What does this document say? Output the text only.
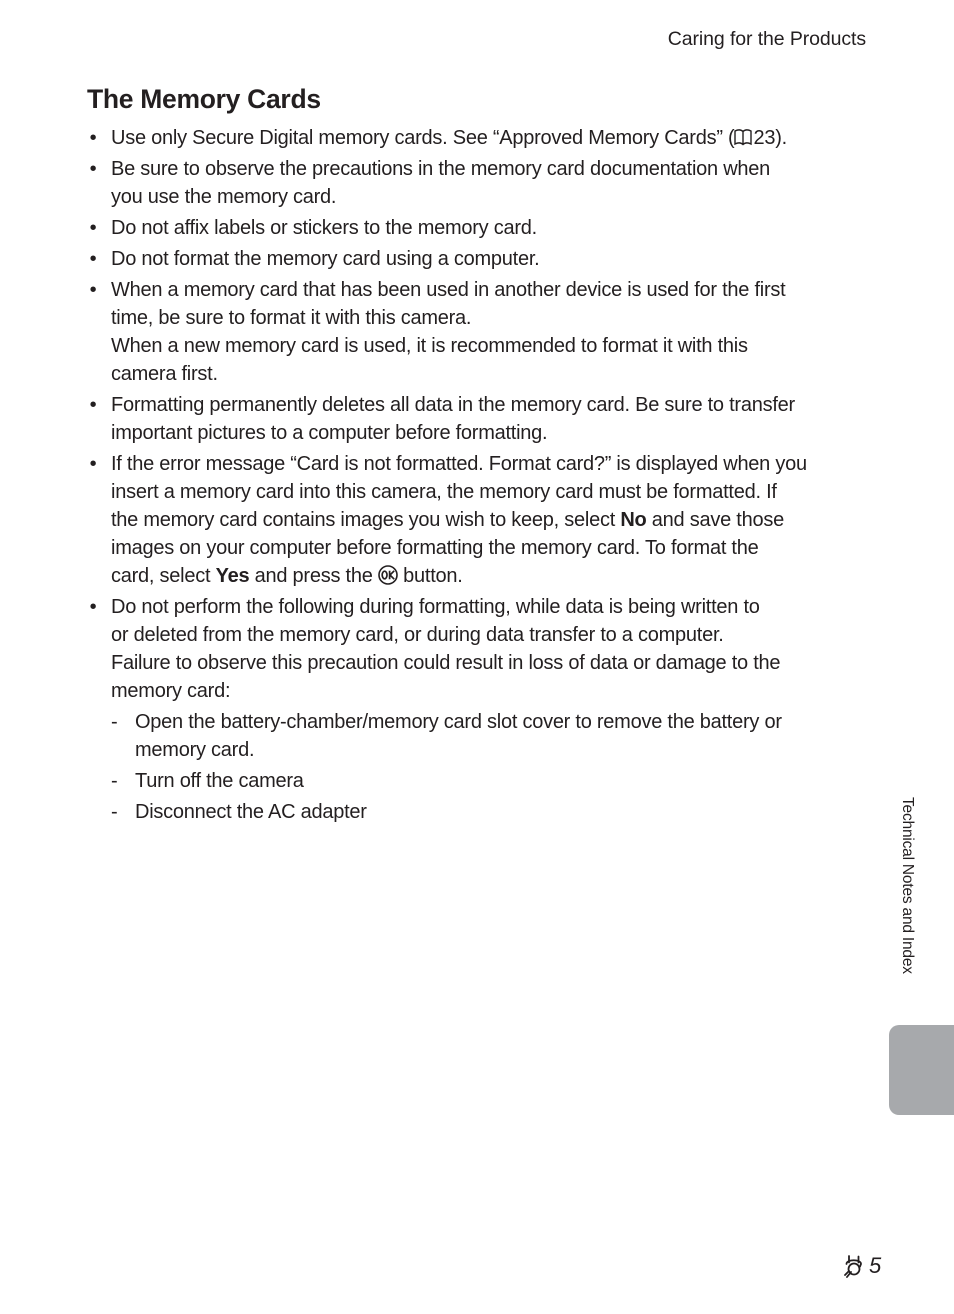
Caring for the Products
The Memory Cards
• Use only Secure Digital memory cards. See “Approved Memory Cards” ( 23).
• Be sure to observe the precautions in the memory card documentation when
you use the memory card.
• Do not affix labels or stickers to the memory card.
• Do not format the memory card using a computer.
• When a memory card that has been used in another device is used for the first
time, be sure to format it with this camera.
When a new memory card is used, it is recommended to format it with this
camera first.
• Formatting permanently deletes all data in the memory card. Be sure to transfer
important pictures to a computer before formatting.
• If the error message “Card is not formatted. Format card?” is displayed when you
insert a memory card into this camera, the memory card must be formatted. If
the memory card contains images you wish to keep, select No and save those
images on your computer before formatting the memory card. To format the
card, select Yes and press the  button.
• Do not perform the following during formatting, while data is being written to
or deleted from the memory card, or during data transfer to a computer.
Failure to observe this precaution could result in loss of data or damage to the
memory card:
- Open the battery-chamber/memory card slot cover to remove the battery or
memory card.
- Turn off the camera
- Disconnect the AC adapter	Technical Notes and Index
5
